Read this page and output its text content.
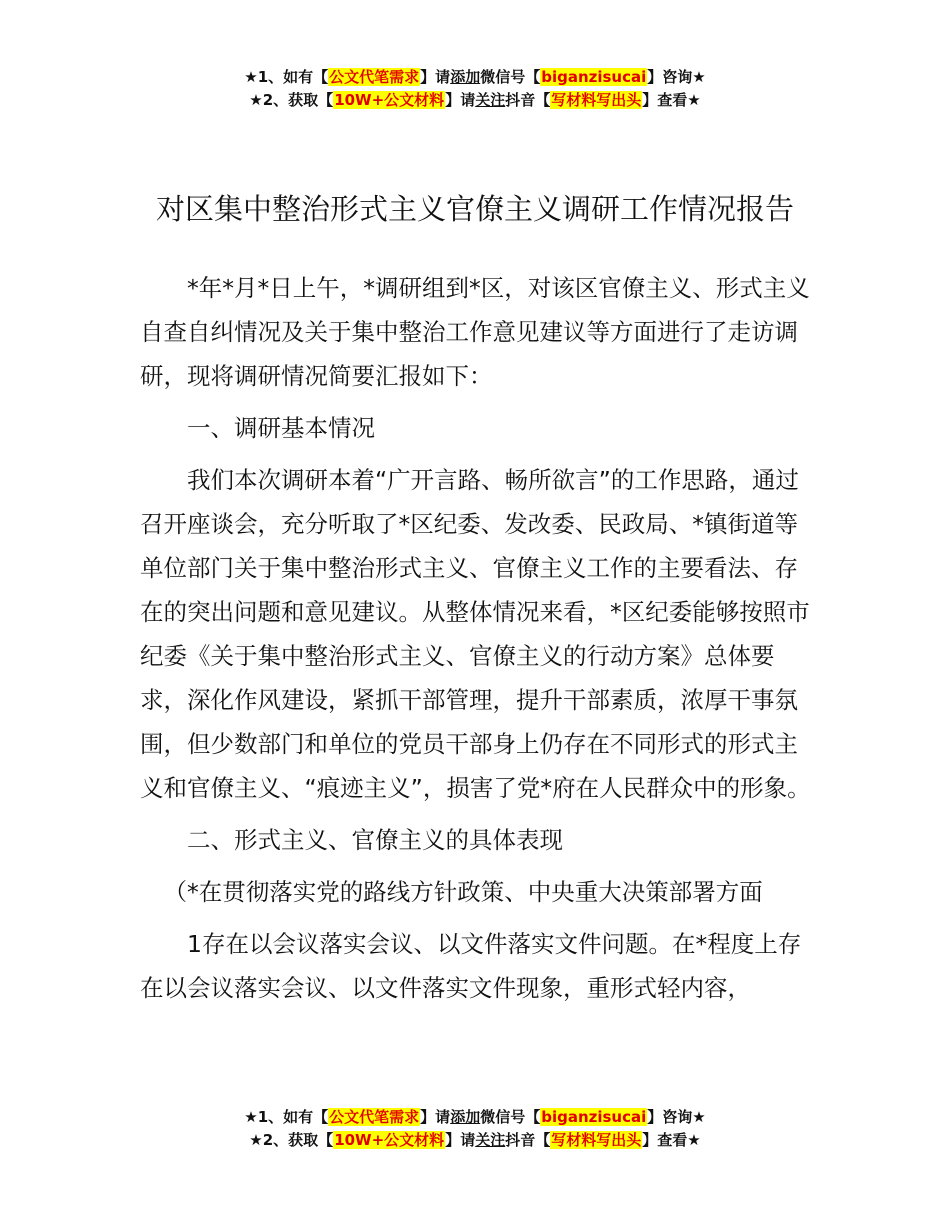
★1、如有【公文代笔需求】请添加微信号【biganzisucai】咨询★
★2、获取【10W+公文材料】请关注抖音【写材料写出头】查看★
对区集中整治形式主义官僚主义调研工作情况报告

*年*月*日上午，*调研组到*区，对该区官僚主义、形式主义自查自纠情况及关于集中整治工作意见建议等方面进行了走访调研，现将调研情况简要汇报如下：

一、调研基本情况

我们本次调研本着“广开言路、畅所欲言”的工作思路，通过召开座谈会，充分听取了*区纪委、发改委、民政局、*镇街道等单位部门关于集中整治形式主义、官僚主义工作的主要看法、存在的突出问题和意见建议。从整体情况来看，*区纪委能够按照市纪委《关于集中整治形式主义、官僚主义的行动方案》总体要求，深化作风建设，紧抓干部管理，提升干部素质，浓厚干事氛围，但少数部门和单位的党员干部身上仍存在不同形式的形式主义和官僚主义、“痕迹主义”，损害了党*府在人民群众中的形象。

二、形式主义、官僚主义的具体表现

（*在贯彻落实党的路线方针政策、中央重大决策部署方面

1存在以会议落实会议、以文件落实文件问题。在*程度上存在以会议落实会议、以文件落实文件现象，重形式轻内容，

★1、如有【公文代笔需求】请添加微信号【biganzisucai】咨询★
★2、获取【10W+公文材料】请关注抖音【写材料写出头】查看★
